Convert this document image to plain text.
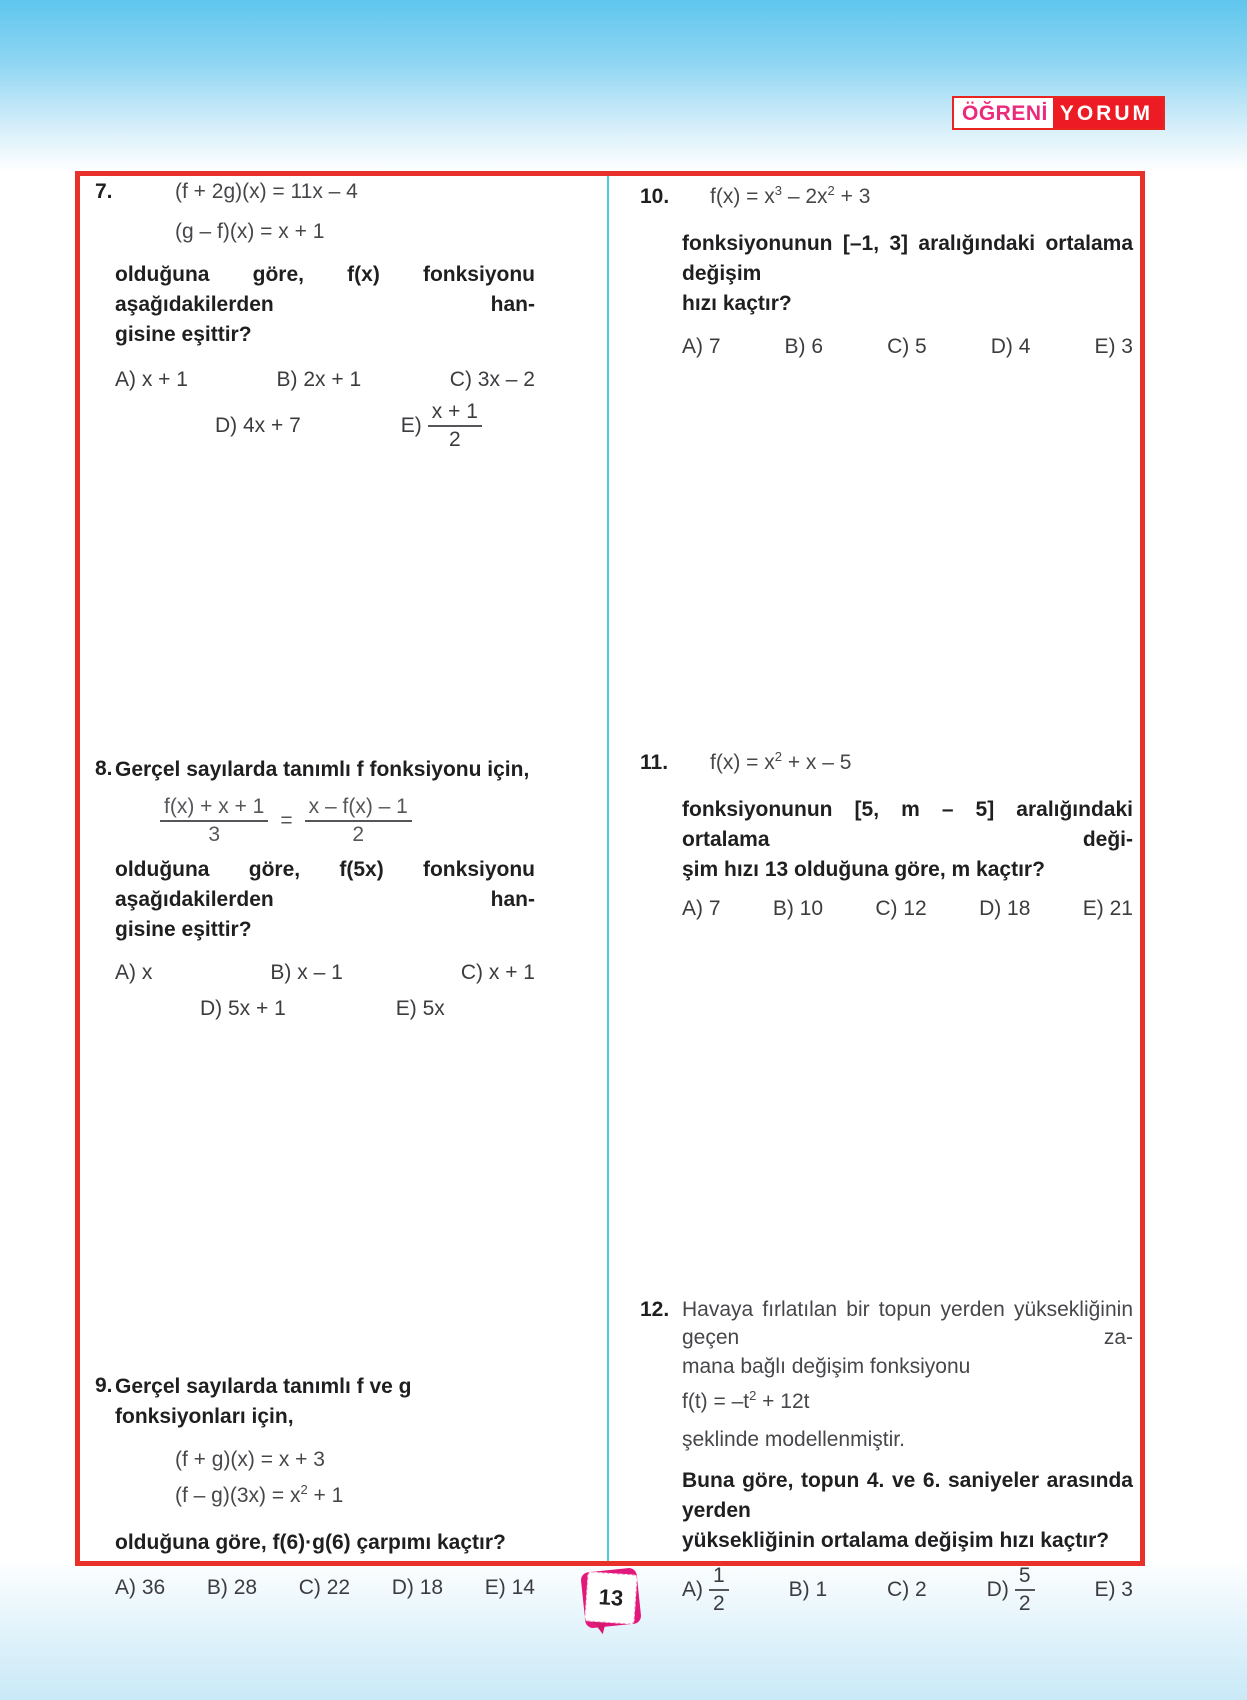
ÖĞRENİ YORUM
7.	(f + 2g)(x) = 11x – 4
(g – f)(x) = x + 1
olduğuna göre, f(x) fonksiyonu aşağıdakilerden han-
gisine eşittir?
A) x + 1	B) 2x + 1	C) 3x – 2
D) 4x + 7	$E) \frac{x + 1}{2}$
8. Gerçel sayılarda tanımlı f fonksiyonu için,
$\frac{f(x) + x + 1}{3} = \frac{x - f(x) - 1}{2}$
olduğuna göre, f(5x) fonksiyonu aşağıdakilerden han-
gisine eşittir?
A) x	B) x – 1	C) x + 1
D) 5x + 1	E) 5x
9. Gerçel sayılarda tanımlı f ve g fonksiyonları için,
(f + g)(x) = x + 3
$(f - g)(3x) = x^2 + 1$
olduğuna göre, f(6)·g(6) çarpımı kaçtır?
A) 36 B) 28 C) 22 D) 18 E) 14
10. $f(x) = x^3 - 2x^2 + 3$
fonksiyonunun [–1, 3] aralığındaki ortalama değişim
hızı kaçtır?
A) 7	B) 6	C) 5	D) 4	E) 3
11. $f(x) = x^2 + x - 5$
fonksiyonunun [5, m – 5] aralığındaki ortalama deği-
şim hızı 13 olduğuna göre, m kaçtır?
A) 7 B) 10 C) 12 D) 18 E) 21
12. Havaya fırlatılan bir topun yerden yüksekliğinin geçen za-
mana bağlı değişim fonksiyonu
$f(t) = -t^2 + 12t$
şeklinde modellenmiştir.
Buna göre, topun 4. ve 6. saniyeler arasında yerden
yüksekliğinin ortalama değişim hızı kaçtır?
$A) \frac{1}{2}$	B) 1	C) 2	$D) \frac{5}{2}$	E) 3
13
